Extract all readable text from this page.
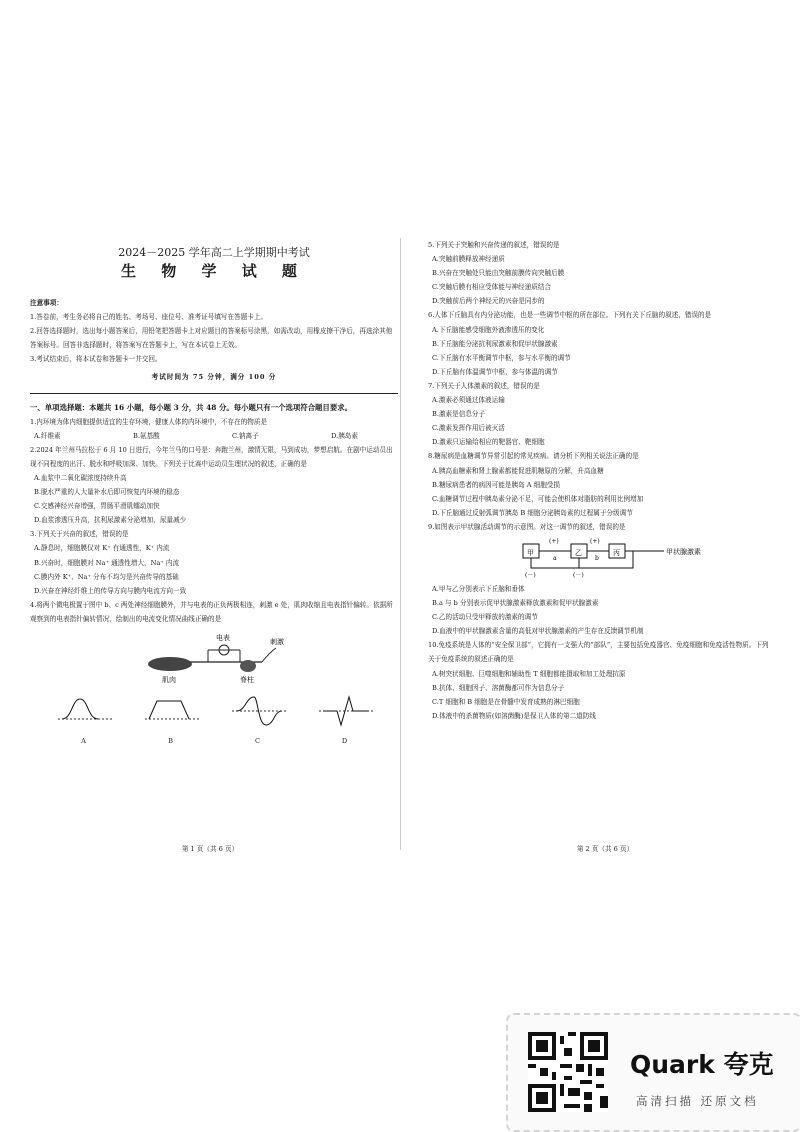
2024－2025 学年高二上学期期中考试
生 物 学 试 题
注意事项：
1.答卷前，考生务必将自己的姓名、考场号、座位号、准考证号填写在答题卡上。
2.回答选择题时，选出每小题答案后，用铅笔把答题卡上对应题目的答案标号涂黑，如需改动，用橡皮擦干净后，再选涂其他答案标号。回答非选择题时，将答案写在答题卡上，写在本试卷上无效。
3.考试结束后，将本试卷和答题卡一并交回。
考试时间为 75 分钟，满分 100 分
一、单项选择题：本题共 16 小题，每小题 3 分，共 48 分。每小题只有一个选项符合题目要求。
1.内环境为体内细胞提供适宜的生存环境，健康人体的内环境中，不存在的物质是
A.纤维素	B.氨基酸	C.钠离子	D.胰岛素
2.2024 年兰州马拉松于 6 月 10 日进行，今年兰马的口号是：奔跑兰州，激情无限，马到成功，梦想启航。在剧中运动员出现不同程度的出汗、脱水和呼吸加深、加快。下列关于比赛中运动员生理状况的叙述，正确的是
A.血浆中二氧化碳浓度持续升高
B.脱水严重的人大量补水后即可恢复内环境的稳态
C.交感神经兴奋增强，胃肠平滑肌蠕动加快
D.血浆渗透压升高，抗利尿激素分泌增加，尿量减少
3.下列关于兴奋的叙述，错误的是
A.静息时，细胞膜仅对 K⁺ 有通透性，K⁺ 内流
B.兴奋时，细胞膜对 Na⁺ 通透性增大，Na⁺ 内流
C.膜内外 K⁺、Na⁺ 分布不均匀是兴奋传导的基础
D.兴奋在神经纤维上的传导方向与膜内电流方向一致
4.将两个微电极置于图中 b、c 两处神经细胞膜外，并与电表的正负两极相连，刺激 e 处，肌肉收缩且电表指针偏转。依据所观察到的电表指针偏转情况，绘制出的电流变化情况曲线正确的是
电表
肌肉	脊柱
刺激
A	B	C	D
5.下列关于突触和兴奋传递的叙述，错误的是
A.突触前膜释放神经递质
B.兴奋在突触处只能由突触前膜传向突触后膜
C.突触后膜有相应受体能与神经递质结合
D.突触前后两个神经元的兴奋是同步的
6.人体下丘脑具有内分泌功能，也是一些调节中枢的所在部位。下列有关下丘脑的叙述，错误的是
A.下丘脑能感受细胞外液渗透压的变化
B.下丘脑能分泌抗利尿激素和促甲状腺激素
C.下丘脑有水平衡调节中枢，参与水平衡的调节
D.下丘脑有体温调节中枢，参与体温的调节
7.下列关于人体激素的叙述，错误的是
A.激素必须通过体液运输
B.激素是信息分子
C.激素发挥作用后被灭活
D.激素只运输给相应的靶器官、靶细胞
8.糖尿病是血糖调节异常引起的常见疾病。请分析下列相关说法正确的是
A.胰高血糖素和肾上腺素都能促进肌糖原的分解，升高血糖
B.糖尿病患者的病因可能是胰岛 A 细胞受损
C.血糖调节过程中胰岛素分泌不足，可能会使机体对脂肪的利用比例增加
D.下丘脑通过反射弧调节胰岛 B 细胞分泌胰岛素的过程属于分级调节
9.如图表示甲状腺活动调节的示意图。对这一调节的叙述，错误的是
甲	乙	丙
(+)
a
(+)
b
(－)	(－)
甲状腺激素
A.甲与乙分别表示下丘脑和垂体
B.a 与 b 分别表示促甲状腺激素释放激素和促甲状腺激素
C.乙的活动只受甲释放的激素的调节
D.血液中的甲状腺激素含量的高低对甲状腺激素的产生存在反馈调节机制
10.免疫系统是人体的“安全保卫部”，它拥有一支强大的“部队”，主要包括免疫器官、免疫细胞和免疫活性物质。下列关于免疫系统的叙述正确的是
A.树突状细胞、巨噬细胞和辅助性 T 细胞都能摄取和加工处理抗原
B.抗体、细胞因子、溶菌酶都可作为信息分子
C.T 细胞和 B 细胞是在骨髓中发育成熟的淋巴细胞
D.体液中的杀菌物质(如溶菌酶)是保卫人体的第二道防线
第 1 页（共 6 页）	第 2 页（共 6 页）
Quark 夸克
高清扫描 还原文档
